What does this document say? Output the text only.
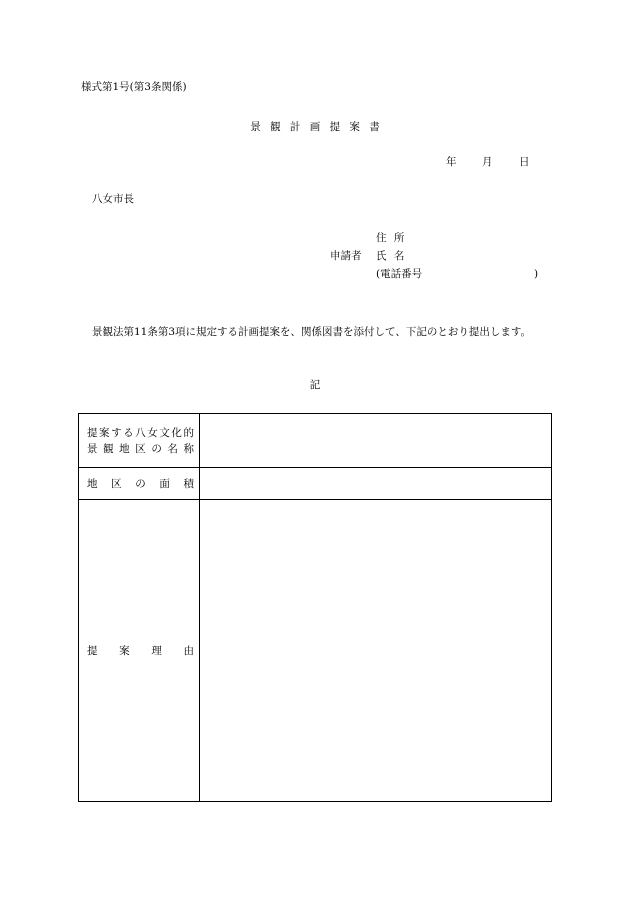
様式第1号(第3条関係)
景 観 計 画 提 案 書
年 月	日
八女市長
住 所
申請者 氏 名
(電話番号	)

景観法第11条第3項に規定する計画提案を、関係図書を添付して、下記のとおり提出します。

記
提案する八女文化的
景観地区の名称	

地区の面積	

提案理由	
